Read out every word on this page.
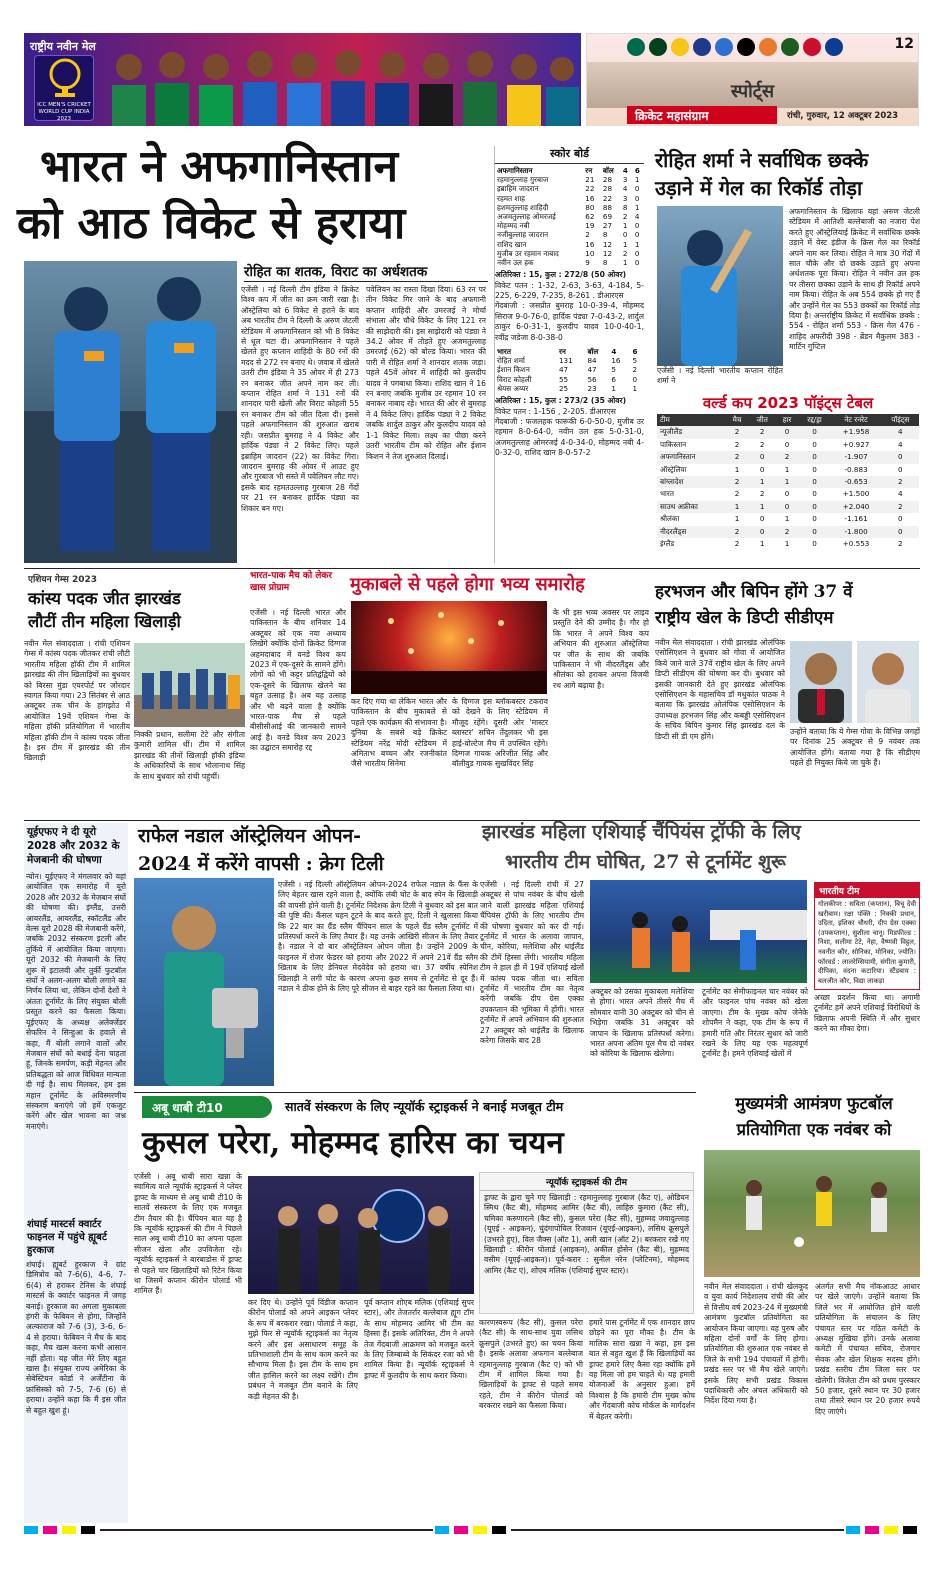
राष्ट्रीय नवीन मेल
ICC MEN'S CRICKET WORLD CUP INDIA 2023
12
स्पोर्ट्स
क्रिकेट महासंग्राम	रांची, गुरुवार, 12 अक्टूबर 2023
भारत ने अफगानिस्तान
को आठ विकेट से हराया
रोहित का शतक, विराट का अर्धशतक
एजेंसी । नई दिल्ली टीम इंडिया ने क्रिकेट विश्व कप में जीत का क्रम जारी रखा है। ऑस्ट्रेलिया को 6 विकेट से हराने के बाद अब भारतीय टीम ने दिल्ली के अरुण जेटली स्टेडियम में अफगानिस्तान को भी 8 विकेट से धूल चटा दी। अफगानिस्तान ने पहले खेलते हुए कप्तान शाहिदी के 80 रनों की मदद से 272 रन बनाए थे। जवाब में खेलते उतरी टीम इंडिया ने 35 ओवर में ही 273 रन बनाकर जीत अपने नाम कर ली। कप्तान रोहित शर्मा ने 131 रनों की शानदार पारी खेली और विराट कोहली 55 रन बनाकर टीम को जीत दिला दी। इससे पहले अफगानिस्तान की शुरुआत खराब रही। जसप्रीत बुमराह ने 4 विकेट और हार्दिक पंड्या ने 2 विकेट लिए। पहले इब्राहिम जादरान (22) का विकेट गिरा। जादरान बुमराह की ओवर में आउट हुए और गुरबाज भी सस्ते में पवेलियन लौट गए। इसके बाद रहमतउल्लाह गुरबाज 28 गेंदों पर 21 रन बनाकर हार्दिक पंड्या का शिकार बन गए।
पवेलियन का रास्ता दिखा दिया। 63 रन पर तीन विकेट गिर जाने के बाद अफगानी कप्तान शाहिदी और उमरजई ने मोर्चा संभाला और चौथे विकेट के लिए 121 रन की साझेदारी की। इस साझेदारी को पंड्या ने 34.2 ओवर में तोड़ते हुए अजमतुल्लाह उमरजई (62) को बोल्ड किया। भारत की पारी में रोहित शर्मा ने शानदार शतक जड़ा। पहले 45वें ओवर में शाहिदी को कुलदीप यादव ने पगबाधा किया। राशिद खान ने 16 रन बनाए जबकि मुजीब उर रहमान 10 रन बनाकर नाबाद रहे। भारत की ओर से बुमराह ने 4 विकेट लिए। हार्दिक पंड्या ने 2 विकेट जबकि शार्दुल ठाकुर और कुलदीप यादव को 1-1 विकेट मिला। लक्ष्य का पीछा करने उतरी भारतीय टीम को रोहित और ईशान किशन ने तेज शुरुआत दिलाई।
स्कोर बोर्ड
अफगानिस्तान	रन	बॉल	4	6
रहमानुल्लाह गुरबाज	21	28	3	1
इब्राहिम जादरान	22	28	4	0
रहमत शाह	16	22	3	0
हशमतुल्लाह शाहिदी	80	88	8	1
अजमतुल्लाह ओमरजई	62	69	2	4
मोहम्मद नबी	19	27	1	0
नजीबुल्लाह जादरान	2	8	0	0
राशिद खान	16	12	1	1
मुजीब उर रहमान नाबाद	10	12	2	0
नवीन उल हक	9	8	1	0
अतिरिक्त : 15, कुल : 272/8 (50 ओवर)
विकेट पतन : 1-32, 2-63, 3-63, 4-184, 5-225, 6-229, 7-235, 8-261 . डीआरएस
गेंदबाजी : जसप्रीत बुमराह 10-0-39-4, मोहम्मद सिराज 9-0-76-0, हार्दिक पंड्या 7-0-43-2, शार्दुल ठाकुर 6-0-31-1, कुलदीप यादव 10-0-40-1, रवींद्र जडेजा 8-0-38-0
भारत	रन	बॉल	4	6
रोहित शर्मा	131	84	16	5
ईशान किशन	47	47	5	2
विराट कोहली	55	56	6	0
श्रेयस अय्यर	25	23	1	1
अतिरिक्त : 15, कुल : 273/2 (35 ओवर)
विकेट पतन : 1-156 , 2-205. डीआरएस
गेंदबाजी : फजलहक फारूकी 6-0-50-0, मुजीब उर रहमान 8-0-64-0, नवीन उल हक 5-0-31-0, अजमतुल्लाह ओमरजई 4-0-34-0, मोहम्मद नबी 4-0-32-0, राशिद खान 8-0-57-2
रोहित शर्मा ने सर्वाधिक छक्के
उड़ाने में गेल का रिकॉर्ड तोड़ा
एजेंसी । नई दिल्ली भारतीय कप्तान रोहित शर्मा ने
अफगानिस्तान के खिलाफ यहां अरुण जेटली स्टेडियम में आतिशी बल्लेबाजी का नजारा पेश करते हुए ऑस्ट्रेलियाई क्रिकेट में सर्वाधिक छक्के उड़ाने में वेस्ट इंडीज के क्रिस गेल का रिकॉर्ड अपने नाम कर लिया। रोहित ने मात्र 30 गेंदों में सात चौके और दो छक्के उड़ाते हुए अपना अर्धशतक पूरा किया। रोहित ने नवीन उल हक पर तीसरा छक्का उड़ाने के साथ ही रिकॉर्ड अपने नाम किया। रोहित के अब 554 छक्के हो गए हैं और उन्होंने गेल का 553 छक्कों का रिकॉर्ड तोड़ दिया है। अन्तर्राष्ट्रीय क्रिकेट में सर्वाधिक छक्के : 554 - रोहित शर्मा 553 - क्रिस गेल 476 - शाहिद अफरीदी 398 - ब्रेंडन मैकुलम 383 - मार्टिन गुप्टिल
वर्ल्ड कप 2023 पॉइंट्स टेबल
टीम	मैच	जीत	हार	रद्द/ड्रा	नेट रनरेट	पॉइंट्स
न्यूजीलैंड	2	2	0	0	+1.958	4
पाकिस्तान	2	2	0	0	+0.927	4
अफगानिस्तान	2	0	2	0	-1.907	0
ऑस्ट्रेलिया	1	0	1	0	-0.883	0
बांग्लादेश	2	1	1	0	-0.653	2
भारत	2	2	0	0	+1.500	4
साउथ अफ्रीका	1	1	0	0	+2.040	2
श्रीलंका	1	0	1	0	-1.161	0
नीदरलैंड्स	2	0	2	0	-1.800	0
इंग्लैंड	2	1	1	0	+0.553	2
एशियन गेम्स 2023
कांस्य पदक जीत झारखंड
लौटीं तीन महिला खिलाड़ी
नवीन मेल संवाददाता । रांची एशियन गेम्स में कांस्य पदक जीतकर रांची लौटी भारतीय महिला हॉकी टीम में शामिल झारखंड की तीन खिलाड़ियों का बुधवार को बिरसा मुंडा एयरपोर्ट पर जोरदार स्वागत किया गया। 23 सितंबर से आठ अक्टूबर तक चीन के हांगझोउ में आयोजित 19वें एशियन गेम्स के महिला हॉकी प्रतियोगिता में भारतीय महिला हॉकी टीम ने कांस्य पदक जीता है। इस टीम में झारखंड की तीन खिलाड़ी
निक्की प्रधान, सलीमा टेटे और संगीता कुमारी शामिल थीं। टीम में शामिल झारखंड की तीनों खिलाड़ी हॉकी इंडिया के अधिकारियों के साथ भोलानाथ सिंह के साथ बुधवार को रांची पहुंचीं।
भारत-पाक मैच को लेकर खास प्रोग्राम	मुकाबले से पहले होगा भव्य समारोह
एजेंसी । नई दिल्ली भारत और पाकिस्तान के बीच शनिवार 14 अक्टूबर को एक नया अध्याय लिखेंगे क्योंकि दोनों क्रिकेट दिग्गज अहमदाबाद में वनडे विश्व कप 2023 में एक-दूसरे के सामने होंगे। लोगों को भी कट्टर प्रतिद्वंद्वियों को एक-दूसरे के खिलाफ खेलने का बहुत उत्साह है। अब यह उत्साह और भी बढ़ने वाला है क्योंकि भारत-पाक मैच से पहले बीसीसीआई की जानकारी सामने आई है। वनडे विश्व कप 2023 का उद्घाटन समारोह रद्द
कर दिए गया था लेकिन भारत और पाकिस्तान के बीच मुकाबले से पहले एक कार्यक्रम की संभावना है। दुनिया के सबसे बड़े क्रिकेट स्टेडियम नरेंद्र मोदी स्टेडियम में अमिताभ बच्चन और रजनीकांत जैसे भारतीय सिनेमा
के दिग्गज इस ब्लॉकबस्टर टकराव को देखने के लिए स्टेडियम में मौजूद रहेंगे। दूसरी ओर 'मास्टर ब्लास्टर' सचिन तेंदुलकर भी इस हाई-वोल्टेज मैच में उपस्थित रहेंगे। दिग्गज गायक अरिजीत सिंह और बॉलीवुड गायक सुखविंदर सिंह
के भी इस भव्य अवसर पर लाइव प्रस्तुति देने की उम्मीद है। गौर हो कि भारत ने अपने विश्व कप अभियान की शुरुआत ऑस्ट्रेलिया पर जीत के साथ की जबकि पाकिस्तान ने भी नीदरलैंड्स और श्रीलंका को हराकर अपना विजयी रथ आगे बढ़ाया है।
हरभजन और बिपिन होंगे 37 वें
राष्ट्रीय खेल के डिप्टी सीडीएम
नवीन मेल संवाददाता । रांची झारखंड ओलंपिक एसोसिएशन ने बुधवार को गोवा में आयोजित किये जाने वाले 37वें राष्ट्रीय खेल के लिए अपने डिप्टी सीडीएम की घोषणा कर दी। बुधवार को इसकी जानकारी देते हुए झारखंड ओलंपिक एसोसिएशन के महासचिव डॉ मधुकांत पाठक ने बताया कि झारखंड ओलंपिक एसोसिएशन के उपाध्यक्ष हरभजन सिंह और कबड्डी एसोसिएशन के सचिव बिपिन कुमार सिंह झारखंड दल के डिप्टी सी डी एम होंगे।
उन्होंने बताया कि ये गेम्स गोवा के विभिन्न जगहों पर दिनांक 25 अक्टूबर से 9 नवंबर तक आयोजित होंगे। बताया गया है कि सीडीएम पहले ही नियुक्त किये जा चुके हैं।
यूईएफए ने दी यूरो 2028 और 2032 के मेजबानी की घोषणा
न्योन। यूईएफए ने मंगलवार को यहां आयोजित एक समारोह में यूरो 2028 और 2032 के मेजबान संघों की घोषणा की। इंग्लैंड, उत्तरी आयरलैंड, आयरलैंड, स्कॉटलैंड और वेल्स यूरो 2028 की मेजबानी करेंगे, जबकि 2032 संस्करण इटली और तुर्किये में आयोजित किया जाएगा। यूरो 2032 की मेजबानी के लिए शुरू में इटालवी और तुर्की फुटबॉल संघों ने अलग-अलग बोली लगाने का निर्णय लिया था, लेकिन दोनों देशों ने अंततः टूर्नामेंट के लिए संयुक्त बोली प्रस्तुत करने का फैसला किया। यूईएफए के अध्यक्ष अलेक्जेंडर सेफरिन ने सिन्हुआ के हवाले से कहा, मैं बोली लगाने वालों और मेजबान संघों को बधाई देना चाहता हूं, जिनके समर्पण, कड़ी मेहनत और प्रतिबद्धता को आज विधिवत मान्यता दी गई है। साथ मिलकर, हम इस महान टूर्नामेंट के अविस्मरणीय संस्करण बनाएंगे जो हमें एकजुट करेंगे और खेल भावना का जश्न मनाएंगे।
शंघाई मास्टर्स क्वार्टर फाइनल में पहुंचे ह्यूबर्ट हुरकाज
शंघाई। ह्यूबर्ट हुरकाज ने ग्रांट डिमित्रोव को 7-6(6), 4-6, 7-6(4) से हराकर टेनिस के शंघाई मास्टर्स के क्वार्टर फाइनल में जगह बनाई। हुरकाज का अगला मुकाबला हंगरी के फेबियन से होगा, जिन्होंने अल्काराज को 7-6 (3), 3-6, 6-4 से हराया। फेबियन ने मैच के बाद कहा, मैच खत्म करना कभी आसान नहीं होता। यह जीत मेरे लिए बहुत खास है। संयुक्त राज्य अमेरिका के सेबेस्टियन कोर्डा ने अर्जेंटीना के फ्रांसिस्को को 7-5, 7-6 (6) से हराया। उन्होंने कहा कि मैं इस जीत से बहुत खुश हूं।
राफेल नडाल ऑस्ट्रेलियन ओपन-
2024 में करेंगे वापसी : क्रेग टिली
एजेंसी । नई दिल्ली ऑस्ट्रेलियन ओपन-2024 राफेल नडाल के फैंस के लिए बेहतर खास रहने वाला है, क्योंकि लंबी चोट के बाद स्पेन के खिलाड़ी की वापसी होने वाली है। टूर्नामेंट निदेशक क्रेग टिली ने बुधवार को इस बात की पुष्टि की। कैंसल चहन टूटने के बाद करते हुए, टिली ने खुलासा किया कि 22 बार का ग्रैंड स्लैम चैंपियन साल के पहले ग्रैंड स्लैम टूर्नामेंट में प्रतिस्पर्धा करने के लिए तैयार हैं। यह उनके आखिरी सीजन के लिए तैयार है। नडाल ने दो बार ऑस्ट्रेलियन ओपन जीता है। उन्होंने 2009 के फाइनल में रोजर फेडरर को हराया और 2022 में अपने 21वें ग्रैंड स्लैम खिताब के लिए डेनियल मेदवेदेव को हराया था। 37 वर्षीय स्पेनिश खिलाड़ी ने लगी चोट के कारण अपना कुछ समय से टूर्नामेंट से दूर हैं। नडाल ने ठीक होने के लिए पूरे सीजन से बाहर रहने का फैसला लिया था।
झारखंड महिला एशियाई चैंपियंस ट्रॉफी के लिए
भारतीय टीम घोषित, 27 से टूर्नामेंट शुरू
एजेंसी । नई दिल्ली रांची में 27 अक्टूबर से पांच नवंबर के बीच खेली जाने वाली झारखंड महिला एशियाई चैंपियंस ट्रॉफी के लिए भारतीय टीम की घोषणा बुधवार को कर दी गई। टूर्नामेंट में भारत के अलावा जापान, चीन, कोरिया, मलेशिया और थाईलैंड की टीमें हिस्सा लेंगी। भारतीय महिला टीम ने हाल ही में 19वें एशियाई खेलों में कांस्य पदक जीता था। सविता टूर्नामेंट में भारतीय टीम का नेतृत्व करेंगी जबकि दीप ग्रेस एक्का उपकप्तान की भूमिका में होंगी। भारत टूर्नामेंट में अपने अभियान की शुरुआत 27 अक्टूबर को थाईलैंड के खिलाफ करेगा जिसके बाद 28
अक्टूबर को उसका मुकाबला मलेशिया से होगा। भारत अपने तीसरे मैच में सोमवार यानी 30 अक्टूबर को चीन से भिड़ेगा जबकि 31 अक्टूबर को जापान के खिलाफ प्रतिस्पर्धा करेगा। भारत अपना अंतिम पूल मैच दो नवंबर को कोरिया के खिलाफ खेलेगा।
टूर्नामेंट का सेमीफाइनल चार नवंबर को और फाइनल पांच नवंबर को खेला जाएगा। टीम के मुख्य कोच जेनेके शोपमैन ने कहा, एक टीम के रूप में हमारी गति और निरंतर सुधार को जारी रखने के लिए यह एक महत्वपूर्ण टूर्नामेंट है। हमने एशियाई खेलों में
भारतीय टीम
गोलकीपर : सविता (कप्तान), बिचू देवी खरीबाम। रक्षा पंक्ति : निक्की प्रधान, उदिता, इशिका चौधरी, दीप ग्रेस एक्का (उपकप्तान), सुशीला चानू। मिडफील्ड : निशा, सलीमा टेटे, नेहा, वैष्णवी विट्ठल, नवनीत कौर, सोनिका, मोनिका, ज्योति। फॉरवर्ड : लालरेम्सियामी, संगीता कुमारी, दीपिका, वंदना कटारिया। स्टैंडबाय : बलजीत कौर, विद्या लाकड़ा
अच्छा प्रदर्शन किया था। अगामी टूर्नामेंट हमें अपने एशियाई विरोधियों के खिलाफ अपनी स्थिति में और सुधार करने का मौका देगा।
अबू धाबी टी10	सातवें संस्करण के लिए न्यूयॉर्क स्ट्राइकर्स ने बनाई मजबूत टीम
कुसल परेरा, मोहम्मद हारिस का चयन
एजेंसी । अबू धाबी सारा खन्ना के स्वामित्व वाले न्यूयॉर्क स्ट्राइकर्स ने प्लेयर ड्राफ्ट के माध्यम से अबू धाबी टी10 के सातवें संस्करण के लिए एक मजबूत टीम तैयार की है। चैंपियन बात यह है कि न्यूयॉर्क स्ट्राइकर्स की टीम ने पिछले साल अबू धाबी टी10 का अपना पहला सीजन खेला और उपविजेता रहे। न्यूयॉर्क स्ट्राइकर्स ने बारबाडोस में ड्राफ्ट से पहले चार खिलाड़ियों को रिटेन किया था जिसमें कप्तान कीरोन पोलार्ड भी शामिल हैं।
कर दिए थे। उन्होंने पूर्व विंडीज कप्तान कीरोन पोलार्ड को अपने आइकन प्लेयर के रूप में बरकरार रखा। पोलार्ड ने कहा, मुझे फिर से न्यूयॉर्क स्ट्राइकर्स का नेतृत्व करने और इस असाधारण समूह के प्रतिभाशाली टीम के साथ काम करने का सौभाग्य मिला है। इस टीम के साथ हम जीत हासिल करने का लक्ष्य रखेंगे। टीम प्रबंधन ने मजबूत टीम बनाने के लिए कड़ी मेहनत की है।
पूर्व कप्तान शोएब मलिक (एशियाई सुपर स्टार), और तेजतर्रार बल्लेबाज ह्यूग टॉम के साथ मोहम्मद आमिर भी टीम का हिस्सा हैं। इसके अतिरिक्त, टीम ने अपने तेज गेंदबाजी आक्रमण को मजबूत करने के लिए जिम्बाब्वे के सिकंदर रजा को भी शामिल किया है। न्यूयॉर्क स्ट्राइकर्स ने ड्राफ्ट में कुलदीप के साथ करार किया।
न्यूयॉर्क स्ट्राइकर्स की टीम
ड्राफ्ट के द्वारा चुने गए खिलाड़ी : रहमानुल्लाह गुरबाज (कैट ए), ओडियन स्मिथ (कैट बी), मोहम्मद आमिर (कैट बी), लाहिरु कुमारा (कैट सी), चमिका करुणारत्ने (कैट सी), कुसल परेरा (कैट सी), मुहम्मद जवादुल्लाह (यूएई - आइकन), चुंदंगापोयिल रिजवान (यूएई-आइकन), लसिथ क्रूसपुले (उभरते हुए), विल जैक्स (ऑट 1), अली खान (ऑट 2)। बरकरार रखे गए खिलाड़ी : कीरोन पोलार्ड (आइकन), अकील होसेन (कैट बी), मुहम्मद वसीम (यूएई-आइकन)। पूर्व-करार : सुनील नरेन (प्लेटिनम), मोहम्मद आमिर (कैट ए), शोएब मलिक (एशियाई सुपर स्टार)।
कारणस्वरूप (कैट सी), कुसल परेरा (कैट सी) के साथ-साथ युवा लसिथ क्रूसपुले (उभरते हुए) का चयन किया है। इसके अलावा अफगान बल्लेबाज रहमानुल्लाह गुरबाज (कैट ए) को भी टीम में शामिल किया गया है। खिलाड़ियों के ड्राफ्ट से पहले समय रहते, टीम ने कीरोन पोलार्ड को बरकरार रखने का फैसला किया।
हमारे पास टूर्नामेंट में एक शानदार छाप छोड़ने का पूरा मौका है। टीम के मालिक सारा खन्ना ने कहा, हम इस बात से बहुत खुश हैं कि खिलाड़ियों का ड्राफ्ट हमारे लिए कैसा रहा क्योंकि हमें वह मिला जो हम चाहते थे। यह हमारी योजनाओं के अनुसार हुआ। हमें विश्वास है कि हमारी टीम मुख्य कोच और गेंदबाजी कोच मोर्कल के मार्गदर्शन में बेहतर करेगी।
मुख्यमंत्री आमंत्रण फुटबॉल
प्रतियोगिता एक नवंबर को
नवीन मेल संवाददाता । रांची खेलकूद व युवा कार्य निदेशालय रांची की ओर से वित्तीय वर्ष 2023-24 में मुख्यमंत्री आमंत्रण फुटबॉल प्रतियोगिता का आयोजन किया जाएगा। यह पुरुष और महिला दोनों वर्गों के लिए होगा। प्रतियोगिता की शुरुआत एक नवंबर से जिले के सभी 194 पंचायतों में होगी। प्रखंड स्तर पर भी मैच खेले जाएंगे। इसके लिए सभी प्रखंड विकास पदाधिकारी और अंचल अधिकारी को निर्देश दिया गया है।
अंतर्गत सभी मैच नॉकआउट आधार पर खेले जाएंगे। उन्होंने बताया कि जिले भर में आयोजित होने वाली प्रतियोगिता के संचालन के लिए पंचायत स्तर पर गठित कमेटी के अध्यक्ष मुखिया होंगे। उनके अलावा कमेटी में पंचायत सचिव, रोजगार सेवक और खेल शिक्षक सदस्य होंगे। प्रखंड स्तरीय टीम जिला स्तर पर खेलेगी। विजेता टीम को प्रथम पुरस्कार 50 हजार, दूसरे स्थान पर 30 हजार तथा तीसरे स्थान पर 20 हजार रुपये दिए जाएंगे।
